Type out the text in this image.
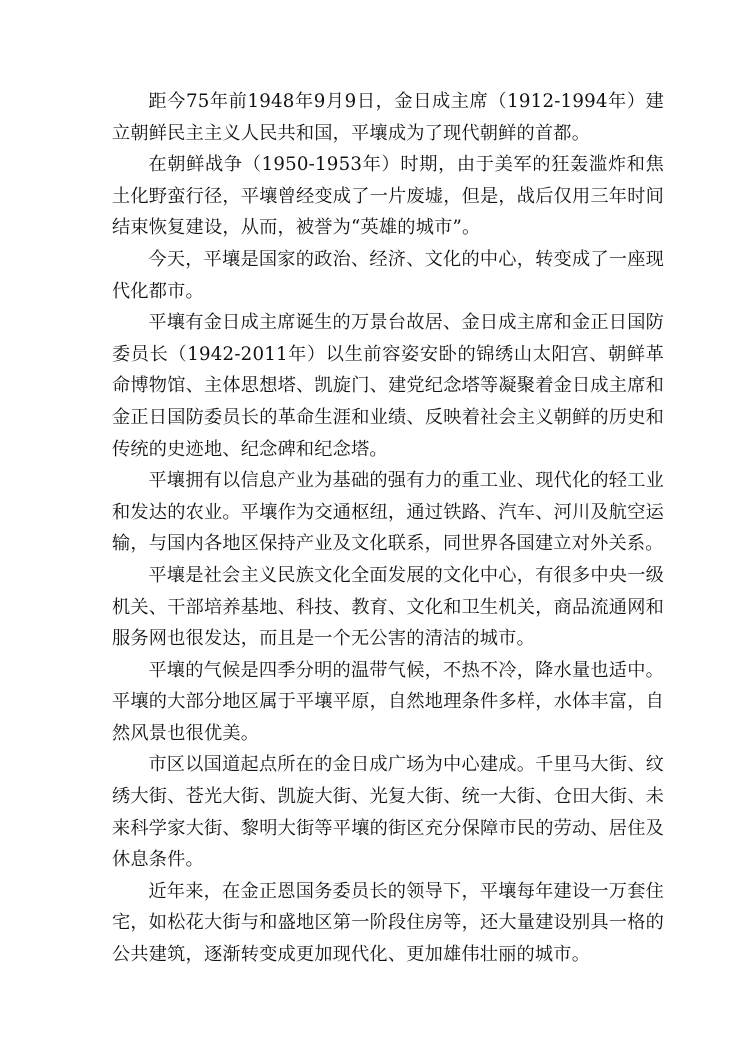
距今75年前1948年9月9日，金日成主席（1912-1994年）建立朝鲜民主主义人民共和国，平壤成为了现代朝鲜的首都。

在朝鲜战争（1950-1953年）时期，由于美军的狂轰滥炸和焦土化野蛮行径，平壤曾经变成了一片废墟，但是，战后仅用三年时间结束恢复建设，从而，被誉为“英雄的城市”。

今天，平壤是国家的政治、经济、文化的中心，转变成了一座现代化都市。

平壤有金日成主席诞生的万景台故居、金日成主席和金正日国防委员长（1942-2011年）以生前容姿安卧的锦绣山太阳宫、朝鲜革命博物馆、主体思想塔、凯旋门、建党纪念塔等凝聚着金日成主席和金正日国防委员长的革命生涯和业绩、反映着社会主义朝鲜的历史和传统的史迹地、纪念碑和纪念塔。

平壤拥有以信息产业为基础的强有力的重工业、现代化的轻工业和发达的农业。平壤作为交通枢纽，通过铁路、汽车、河川及航空运输，与国内各地区保持产业及文化联系，同世界各国建立对外关系。

平壤是社会主义民族文化全面发展的文化中心，有很多中央一级机关、干部培养基地、科技、教育、文化和卫生机关，商品流通网和服务网也很发达，而且是一个无公害的清洁的城市。

平壤的气候是四季分明的温带气候，不热不冷，降水量也适中。平壤的大部分地区属于平壤平原，自然地理条件多样，水体丰富，自然风景也很优美。

市区以国道起点所在的金日成广场为中心建成。千里马大街、纹绣大街、苍光大街、凯旋大街、光复大街、统一大街、仓田大街、未来科学家大街、黎明大街等平壤的街区充分保障市民的劳动、居住及休息条件。

近年来，在金正恩国务委员长的领导下，平壤每年建设一万套住宅，如松花大街与和盛地区第一阶段住房等，还大量建设别具一格的公共建筑，逐渐转变成更加现代化、更加雄伟壮丽的城市。
